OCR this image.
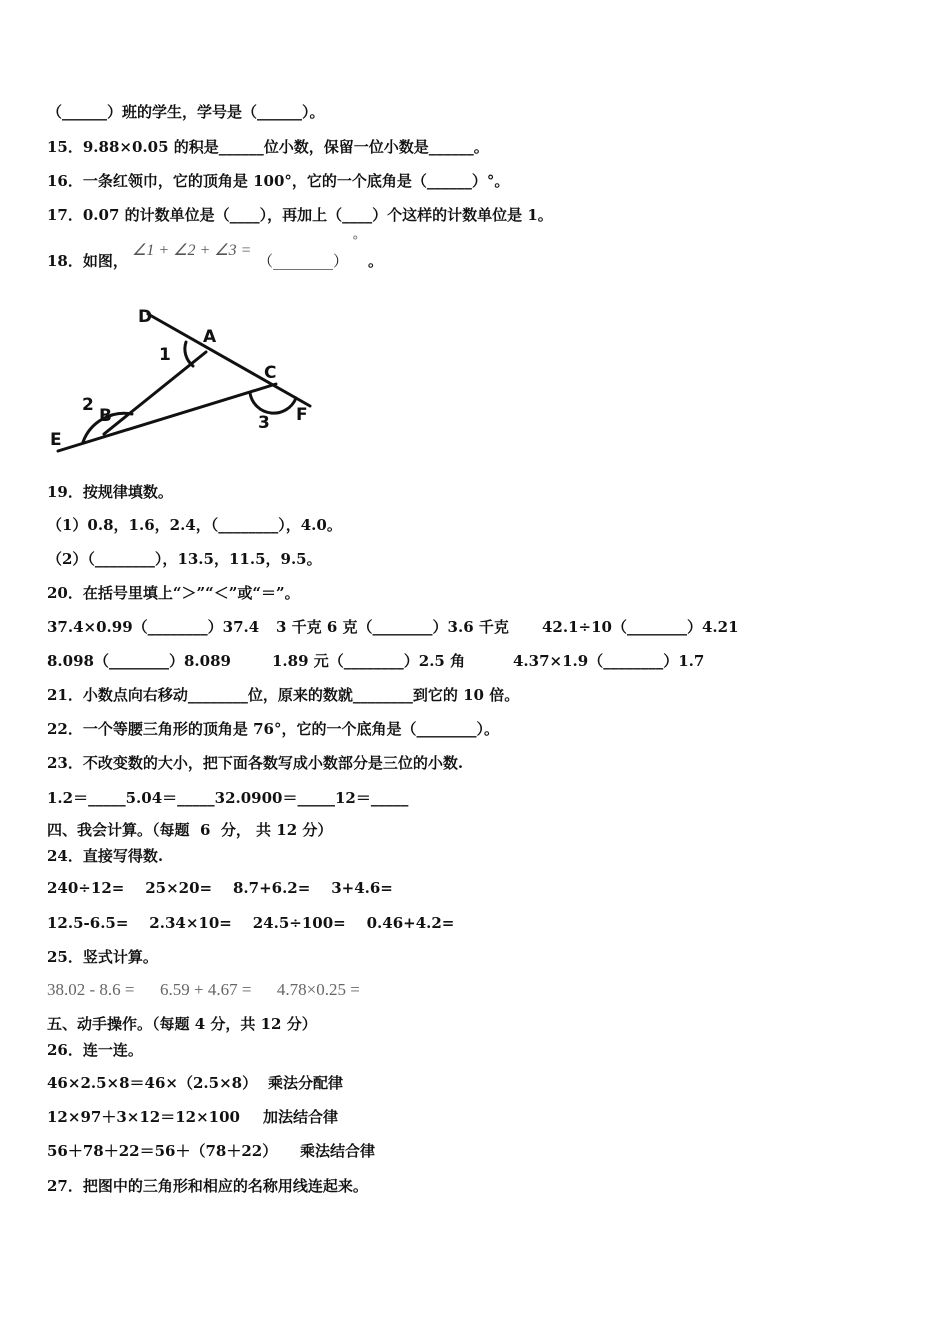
（______）班的学生，学号是（______）。
15．9.88×0.05 的积是______位小数，保留一位小数是______。
16．一条红领巾，它的顶角是 100°，它的一个底角是（______）°。
17．0.07 的计数单位是（____），再加上（____）个这样的计数单位是 1。
18．如图，
∠1 + ∠2 + ∠3 =
（________）
°
。
D
A
C
F
B
E
1
2
3
19．按规律填数。
（1）0.8，1.6，2.4，（________），4.0。
（2）（________），13.5，11.5，9.5。
20．在括号里填上“＞”“＜”或“＝”。
37.4×0.99（________）37.4 3 千克 6 克（________）3.6 千克 42.1÷10（________）4.21
8.098（________）8.089	1.89 元（________）2.5 角	4.37×1.9（________）1.7
21．小数点向右移动________位，原来的数就________到它的 10 倍。
22．一个等腰三角形的顶角是 76°，它的一个底角是（________）。
23．不改变数的大小，把下面各数写成小数部分是三位的小数.
1.2＝_____5.04＝_____32.0900＝_____12＝_____
四、我会计算。（每题  6  分， 共 12 分）
24．直接写得数.
240÷12=    25×20=    8.7+6.2=    3+4.6=
12.5-6.5=    2.34×10=    24.5÷100=    0.46+4.2=
25．竖式计算。
38.02 - 8.6 =      6.59 + 4.67 =      4.78×0.25 =
五、动手操作。（每题 4 分，共 12 分）
26．连一连。
46×2.5×8＝46×（2.5×8） 乘法分配律
12×97＋3×12＝12×100 加法结合律
56＋78＋22＝56＋（78＋22） 乘法结合律
27．把图中的三角形和相应的名称用线连起来。
